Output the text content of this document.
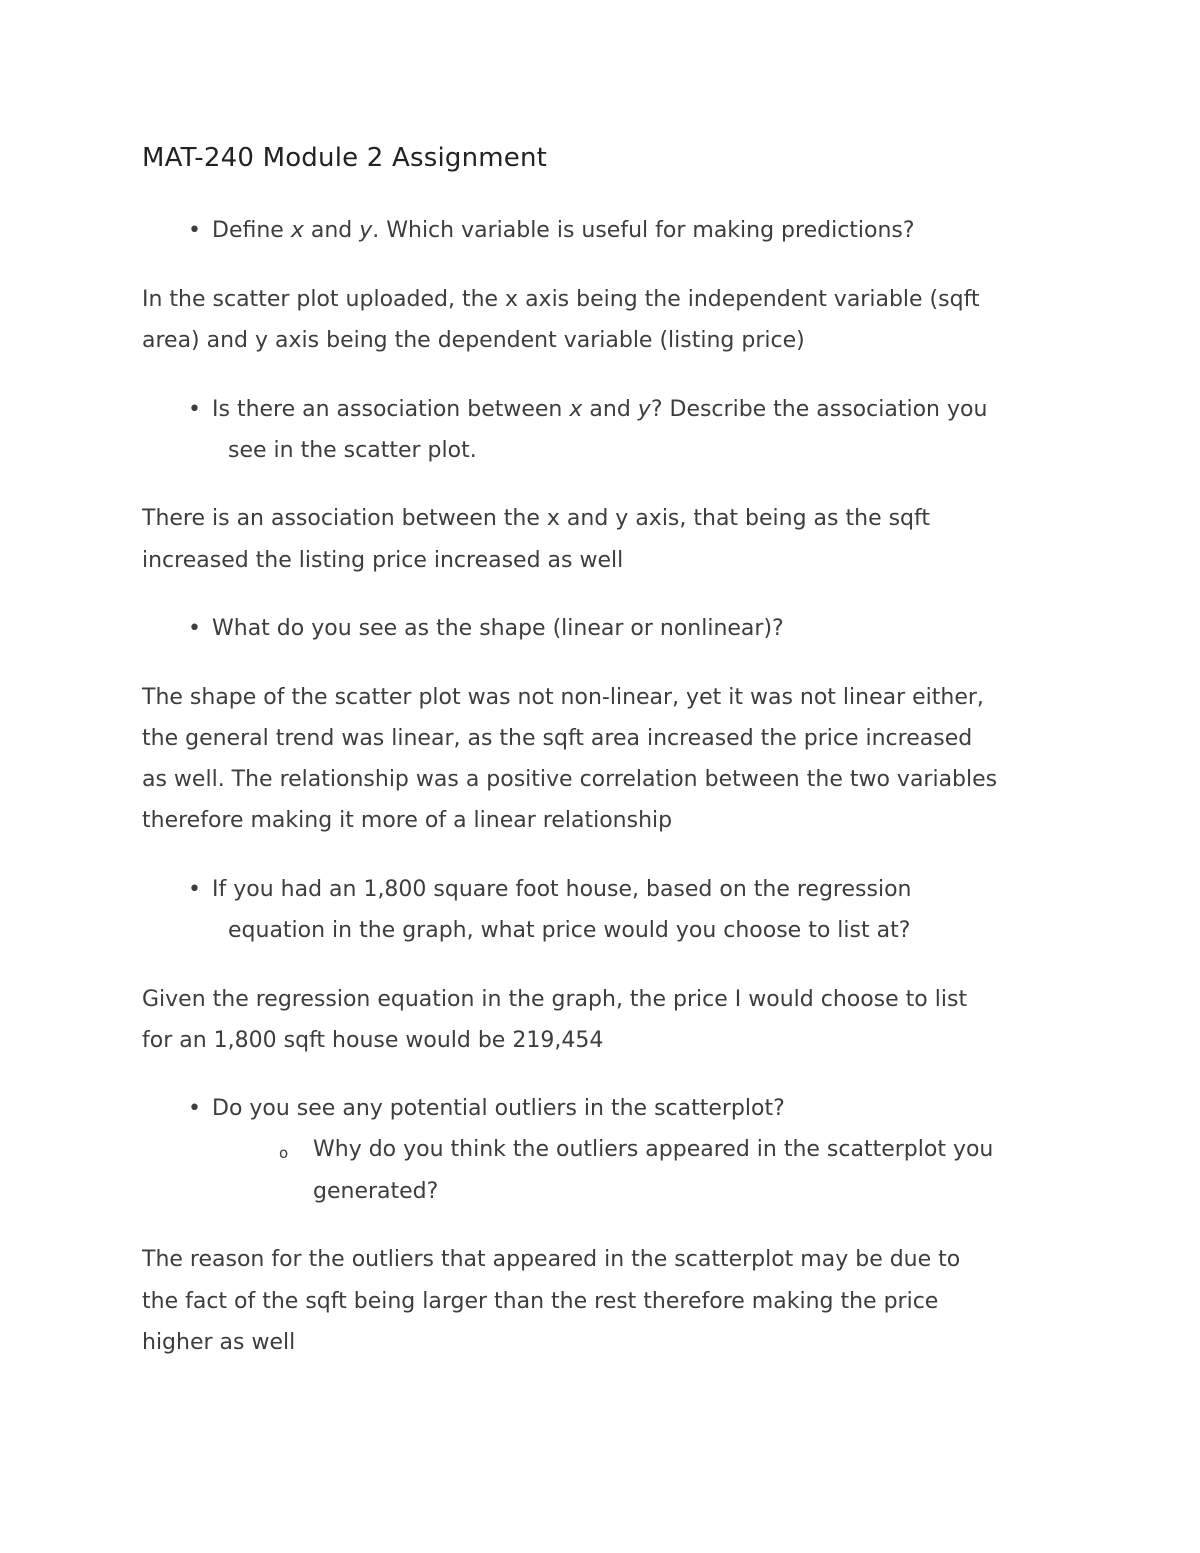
MAT-240 Module 2 Assignment
• Define x and y. Which variable is useful for making predictions?
In the scatter plot uploaded, the x axis being the independent variable (sqft
area) and y axis being the dependent variable (listing price)
• Is there an association between x and y? Describe the association you
see in the scatter plot.
There is an association between the x and y axis, that being as the sqft
increased the listing price increased as well
• What do you see as the shape (linear or nonlinear)?
The shape of the scatter plot was not non-linear, yet it was not linear either,
the general trend was linear, as the sqft area increased the price increased
as well. The relationship was a positive correlation between the two variables
therefore making it more of a linear relationship
• If you had an 1,800 square foot house, based on the regression
equation in the graph, what price would you choose to list at?
Given the regression equation in the graph, the price I would choose to list
for an 1,800 sqft house would be 219,454
• Do you see any potential outliers in the scatterplot?
o Why do you think the outliers appeared in the scatterplot you
generated?
The reason for the outliers that appeared in the scatterplot may be due to
the fact of the sqft being larger than the rest therefore making the price
higher as well
